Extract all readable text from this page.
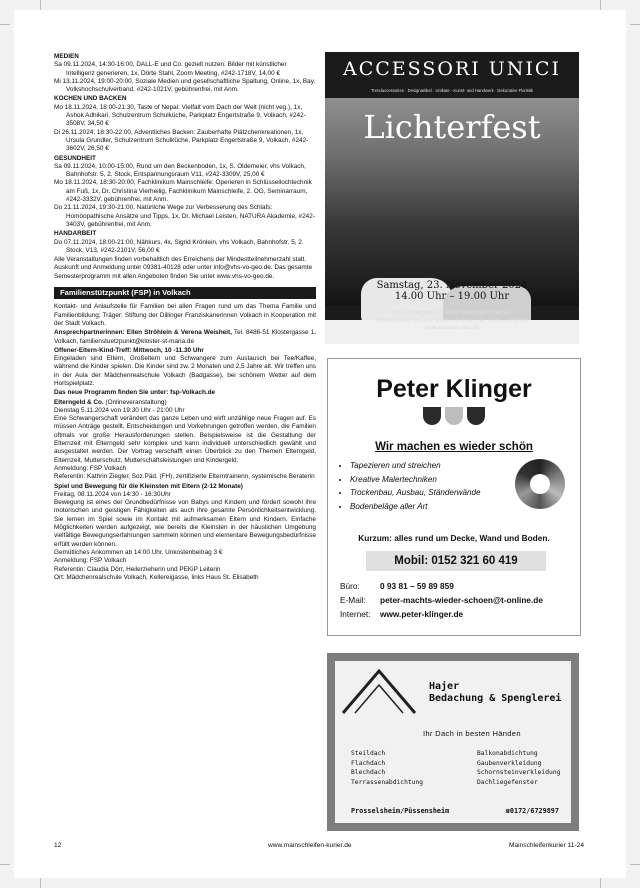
MEDIEN

Sa 09.11.2024, 14:30-16:00, DALL-E und Co. gezielt nutzen. Bilder mit künstlicher Intelligenz generieren, 1x, Dörte Stahl, Zoom Meeting, #242-1718V, 14,00 €

Mi 13.11.2024, 19:00-20:00, Soziale Medien und gesellschaftliche Spaltung, Online, 1x, Bay. Volkshochschulverband, #242-1021V, gebührenfrei, mit Anm.

KOCHEN UND BACKEN

Mo 18.11.2024, 18:00-21:30, Taste of Nepal: Vielfalt vom Dach der Welt (nicht veg.), 1x, Ashok Adhikari, Schulzentrum Schulküche, Parkplatz Engertstraße 9, Volkach, #242-3508V, 34,50 €

Di 26.11.2024, 18:30-22:00, Adventliches Backen: Zauberhafte Plätzchenkreationen, 1x, Ursula Grundler, Schulzentrum Schulküche, Parkplatz Engertstraße 9, Volkach, #242-3602V, 26,50 €

GESUNDHEIT

Sa 09.11.2024, 10:00-15:00, Rund um den Beckenboden, 1x, S. Oldemeier, vhs Volkach, Bahnhofstr. 5, 2. Stock, Entspannungsraum V11, #242-3309V, 25,00 €

Mo 18.11.2024, 18:30-20:00, Fachklinikum Mainschleife: Operieren in Schlüssellochtechnik am Fuß, 1x, Dr. Christina Vierheilig, Fachklinikum Mainschleife, 2. OG, Seminarraum, #242-3332V, gebührenfrei, mit Anm.

Do 21.11.2024, 19:30-21:00, Natürliche Wege zur Verbesserung des Schlafs: Homöopathische Ansätze und Tipps, 1x, Dr. Michael Leisten, NATURA Akademie, #242-3403V, gebührenfrei, mit Anm.

HANDARBEIT

Do 07.11.2024, 18:00-21:00, Nähkurs, 4x, Sigrid Krönlein, vhs Volkach, Bahnhofstr. 5, 2. Stock, V13, #242-2101V, 56,00 €

Alle Veranstaltungen finden vorbehaltlich des Erreichens der Mindestteilnehmerzahl statt. Auskunft und Anmeldung unter 09381-40128 oder unter info@vhs-vo-geo.de. Das gesamte Semesterprogramm mit allen Angeboten finden Sie unter www.vhs-vo-geo.de.

Familienstützpunkt (FSP) in Volkach

Kontakt- und Anlaufstelle für Familien bei allen Fragen rund um das Thema Familie und Familienbildung; Träger: Stiftung der Dillinger Franziskanerinnen Volkach in Kooperation mit der Stadt Volkach.

Ansprechpartnerinnen: Ellen Ströhlein & Verena Weisheit, Tel. 8486-51 Klostergasse 1, Volkach, familienstuetzpunkt@kloster-st-maria.de

Offener-Eltern-Kind-Treff: Mittwoch, 10 -11.30 Uhr

Eingeladen sind Eltern, Großeltern und Schwangere zum Austausch bei Tee/Kaffee, während die Kinder spielen. Die Kinder sind zw. 2 Monaten und 2,5 Jahre alt. Wir treffen uns in der Aula der Mädchenrealschule Volkach (Badgasse), bei schönem Wetter auf dem Hortspielplatz.

Das neue Programm finden Sie unter: fsp-Volkach.de

Elterngeld & Co. (Onlineveranstaltung)

Dienstag 5.11.2024 von 19:30 Uhr - 21:00 Uhr

Eine Schwangerschaft verändert das ganze Leben und wirft unzählige neue Fragen auf. Es müssen Anträge gestellt, Entscheidungen und Vorkehrungen getroffen werden, die Familien oftmals vor große Herausforderungen stellen. Beispielsweise ist die Gestaltung der Elternzeit mit Elterngeld sehr komplex und kann individuell unterschiedlich gewählt und ausgestaltet werden. Der Vortrag verschafft einen Überblick zu den Themen Elterngeld, Elternzeit, Mutterschutz, Mutterschaftsleistungen und Kindergeld.

Anmeldung: FSP Volkach

Referentin: Kathrin Ziegler, Soz.Päd. (FH), zertifizierte Elterntrainerin, systemische Beraterin

Spiel und Bewegung für die Kleinsten mit Eltern (2-12 Monate)

Freitag, 08.11.2024 von 14:30 - 16:30Uhr

Bewegung ist eines der Grundbedürfnisse von Babys und Kindern und fördert sowohl ihre motorischen und geistigen Fähigkeiten als auch ihre gesamte Persönlichkeitsentwicklung. Sie lernen im Spiel sowie im Kontakt mit aufmerksamen Eltern und Kindern. Einfache Möglichkeiten werden aufgezeigt, wie bereits die Kleinsten in der häuslichen Umgebung vielfältige Bewegungserfahrungen sammeln können und elementare Bewegungsbedürfnisse erfüllt werden können.

Gemütliches Ankommen ab 14:00 Uhr. Unkostenbeitrag 3 €

Anmeldung: FSP Volkach

Referentin: Claudia Dörr, Heilerzieherin und PEKiP Leiterin

Ort: Mädchenrealschule Volkach, Kellereigasse, links Haus St. Elisabeth

ACCESSORI UNICI
Trendaccessoires · Designartikel · Unikate · Kunst- und Handwerk · Dekorative Floristik
Lichterfest
Samstag, 23. November 2024
14.00 Uhr – 19.00 Uhr
Am Scheuergarten 1 · 97337 Dettelbach-Schernau
Öffnungszeiten: Do. & Fr. 13.00 - 18.00 Uhr, Sa. 10.00 - 14.00 Uhr
www.accessori-unici.de
Peter Klinger
Wir machen es wieder schön
• Tapezieren und streichen
• Kreative Malertechniken
• Trockenbau, Ausbau, Ständerwände
• Bodenbeläge aller Art
Kurzum: alles rund um Decke, Wand und Boden.
Mobil: 0152 321 60 419
Büro: 0 93 81 – 59 89 859
E-Mail: peter-machts-wieder-schoen@t-online.de
Internet: www.peter-klinger.de
Hajer
Bedachung & Spenglerei
Ihr Dach in besten Händen
Steildach
Flachdach
Blechdach
Terrassenabdichtung
Balkonabdichtung
Gaubenverkleidung
Schornsteinverkleidung
Dachliegefenster
Prosselsheim/Püssensheim	☎0172/6729897
12	www.mainschleifen-kurier.de	Mainschleifenkurier 11-24
